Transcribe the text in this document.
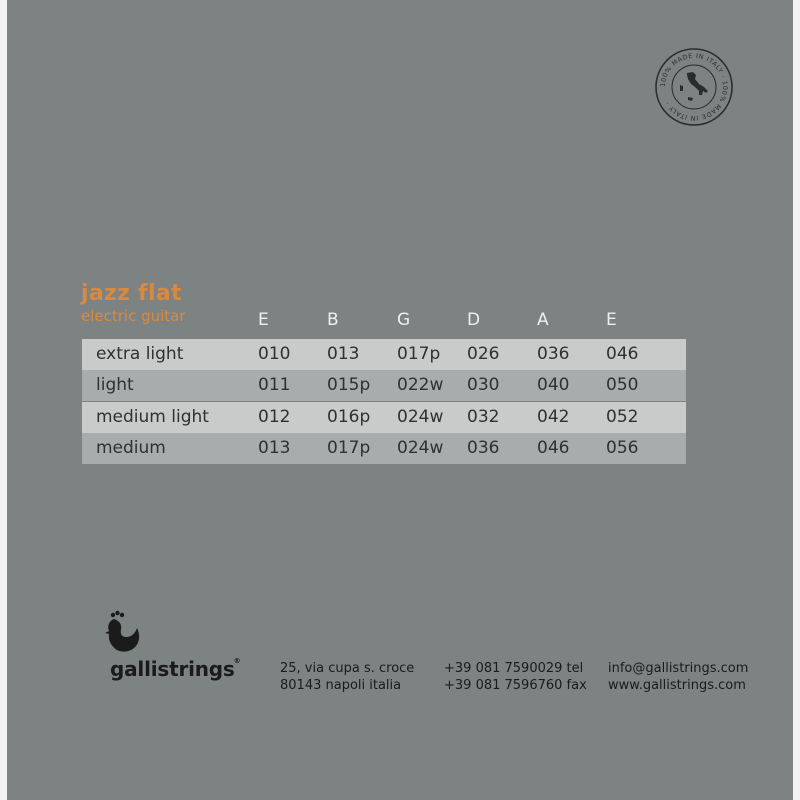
100% MADE IN ITALY · 100% MADE IN ITALY ·
jazz flat
electric guitar	E	B	G	D	A	E
extra light	010 013 017p 026 036 046
light	011 015p 022w 030 040 050
medium light	012 016p 024w 032 042 052
medium	013 017p 024w 036 046 056
gallistrings®	25, via cupa s. croce
80143 napoli italia
+39 081 7590029 tel
+39 081 7596760 fax
info@gallistrings.com
www.gallistrings.com
